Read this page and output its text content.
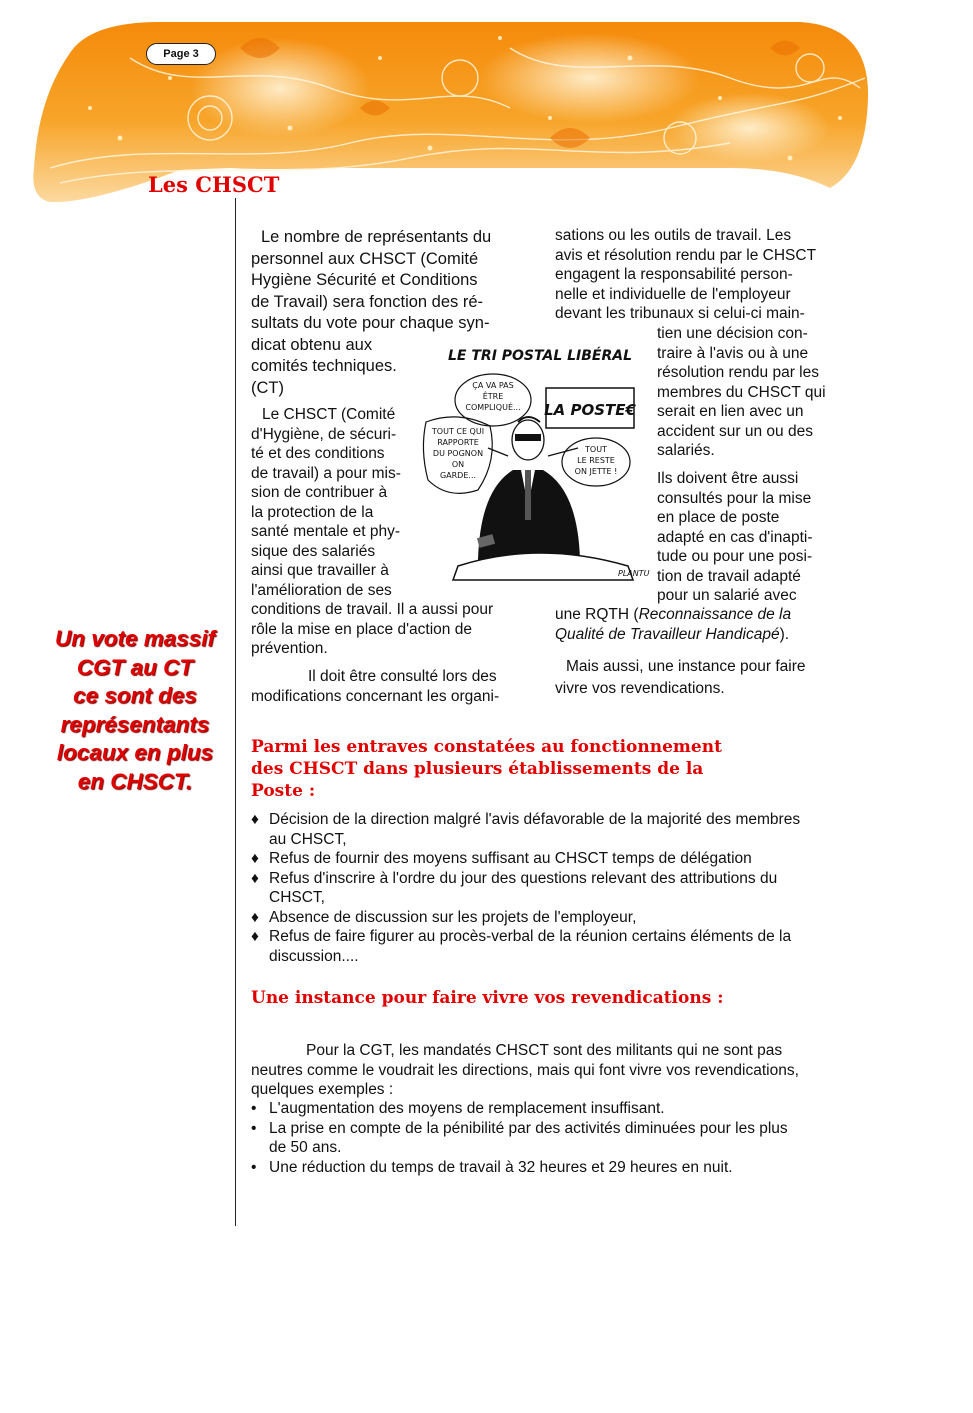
Page 3
Les CHSCT
Un vote massif
CGT au CT
ce sont des
représentants
locaux en plus
en CHSCT.
Le nombre de représentants du
personnel aux CHSCT (Comité
Hygiène Sécurité et Conditions
de Travail) sera fonction des ré-
sultats du vote pour chaque syn-
dicat obtenu aux
comités techniques.
(CT)
Le CHSCT (Comité
d'Hygiène, de sécuri-
té et des conditions
de travail) a pour mis-
sion de contribuer à
la protection de la
santé mentale et phy-
sique des salariés
ainsi que travailler à
l'amélioration de ses
conditions de travail. Il a aussi pour
rôle la mise en place d'action de
prévention.
Il doit être consulté lors des
modifications concernant les organi-
sations ou les outils de travail. Les
avis et résolution rendu par le CHSCT
engagent la responsabilité person-
nelle et individuelle de l'employeur
devant les tribunaux si celui-ci main-
tien une décision con-
traire à l'avis ou à une
résolution rendu par les
membres du CHSCT qui
serait en lien avec un
accident sur un ou des
salariés.
Ils doivent être aussi
consultés pour la mise
en place de poste
adapté en cas d'inapti-
tude ou pour une posi-
tion de travail adapté
pour un salarié avec
une RQTH (Reconnaissance de la
Qualité de Travailleur Handicapé).
Mais aussi, une instance pour faire
vivre vos revendications.
LE TRI POSTAL LIBÉRAL
ÇA VA PAS
ÊTRE
COMPLIQUÉ...
TOUT CE QUI
RAPPORTE
DU POGNON
ON
GARDE...
LA POSTE€
TOUT
LE RESTE
ON JETTE !
PLANTU
Parmi les entraves constatées au fonctionnement
des CHSCT dans plusieurs établissements de la
Poste :
♦ Décision de la direction malgré l'avis défavorable de la majorité des membres
au CHSCT,
♦ Refus de fournir des moyens suffisant au CHSCT temps de délégation
♦ Refus d'inscrire à l'ordre du jour des questions relevant des attributions du
CHSCT,
♦ Absence de discussion sur les projets de l'employeur,
♦ Refus de faire figurer au procès-verbal de la réunion certains éléments de la
discussion....
Une instance pour faire vivre vos revendications :
Pour la CGT, les mandatés CHSCT sont des militants qui ne sont pas
neutres comme le voudrait les directions, mais qui font vivre vos revendications,
quelques exemples :
• L'augmentation des moyens de remplacement insuffisant.
• La prise en compte de la pénibilité par des activités diminuées pour les plus
de 50 ans.
• Une réduction du temps de travail à 32 heures et 29 heures en nuit.
